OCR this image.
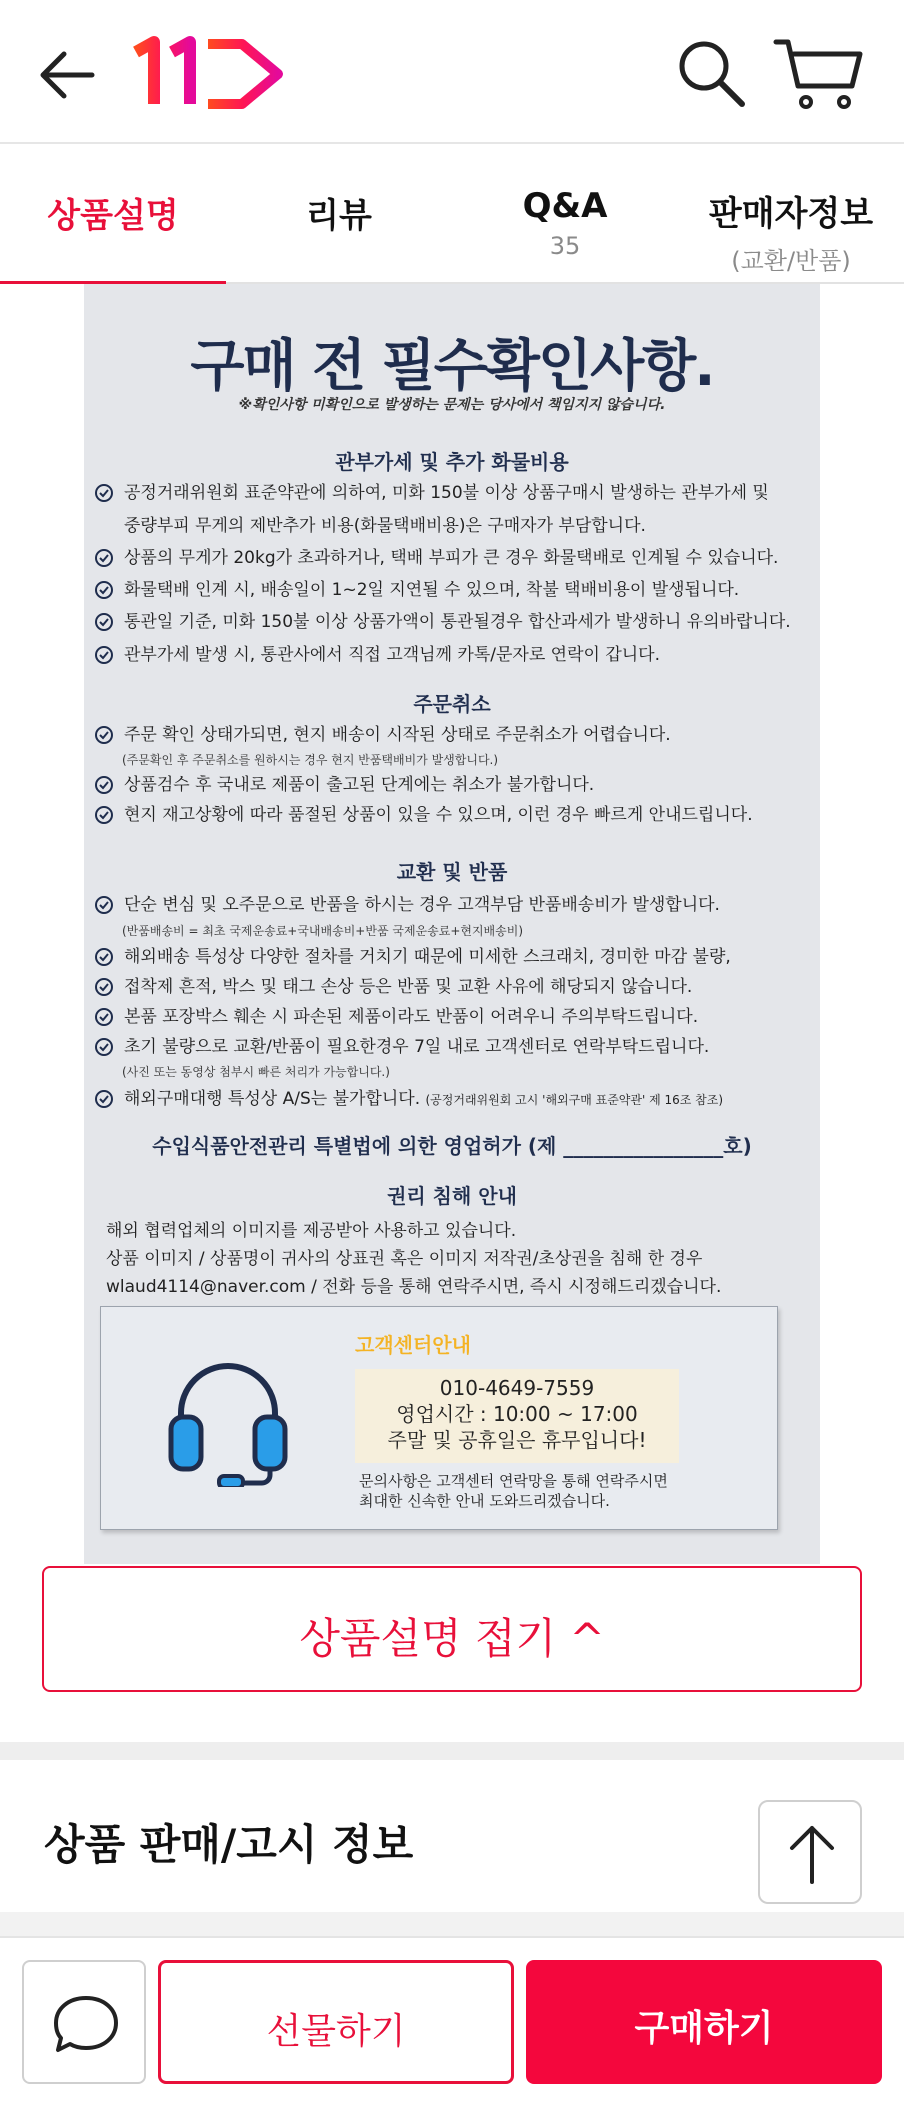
상품설명	리뷰	Q&A
35
판매자정보
(교환/반품)
구매 전 필수확인사항.
※확인사항 미확인으로 발생하는 문제는 당사에서 책임지지 않습니다.
관부가세 및 추가 화물비용
공정거래위원회 표준약관에 의하여, 미화 150불 이상 상품구매시 발생하는 관부가세 및
중량부피 무게의 제반추가 비용(화물택배비용)은 구매자가 부담합니다.
상품의 무게가 20kg가 초과하거나, 택배 부피가 큰 경우 화물택배로 인계될 수 있습니다.
화물택배 인계 시, 배송일이 1~2일 지연될 수 있으며, 착불 택배비용이 발생됩니다.
통관일 기준, 미화 150불 이상 상품가액이 통관될경우 합산과세가 발생하니 유의바랍니다.
관부가세 발생 시, 통관사에서 직접 고객님께 카톡/문자로 연락이 갑니다.
주문취소
주문 확인 상태가되면, 현지 배송이 시작된 상태로 주문취소가 어렵습니다.
(주문확인 후 주문취소를 원하시는 경우 현지 반품택배비가 발생합니다.)
상품검수 후 국내로 제품이 출고된 단계에는 취소가 불가합니다.
현지 재고상황에 따라 품절된 상품이 있을 수 있으며, 이런 경우 빠르게 안내드립니다.
교환 및 반품
단순 변심 및 오주문으로 반품을 하시는 경우 고객부담 반품배송비가 발생합니다.
(반품배송비 = 최초 국제운송료+국내배송비+반품 국제운송료+현지배송비)
해외배송 특성상 다양한 절차를 거치기 때문에 미세한 스크래치, 경미한 마감 불량,
접착제 흔적, 박스 및 태그 손상 등은 반품 및 교환 사유에 해당되지 않습니다.
본품 포장박스 훼손 시 파손된 제품이라도 반품이 어려우니 주의부탁드립니다.
초기 불량으로 교환/반품이 필요한경우 7일 내로 고객센터로 연락부탁드립니다.
(사진 또는 동영상 첨부시 빠른 처리가 가능합니다.)
해외구매대행 특성상 A/S는 불가합니다. (공정거래위원회 고시 '해외구매 표준약관' 제 16조 참조)
수입식품안전관리 특별법에 의한 영업허가 (제 ________________호)
권리 침해 안내
해외 협력업체의 이미지를 제공받아 사용하고 있습니다.
상품 이미지 / 상품명이 귀사의 상표권 혹은 이미지 저작권/초상권을 침해 한 경우
wlaud4114@naver.com / 전화 등을 통해 연락주시면, 즉시 시정해드리겠습니다.
고객센터안내
010-4649-7559
영업시간 : 10:00 ~ 17:00
주말 및 공휴일은 휴무입니다!
문의사항은 고객센터 연락망을 통해 연락주시면
최대한 신속한 안내 도와드리겠습니다.
상품설명 접기 ^
상품 판매/고시 정보
선물하기	구매하기
